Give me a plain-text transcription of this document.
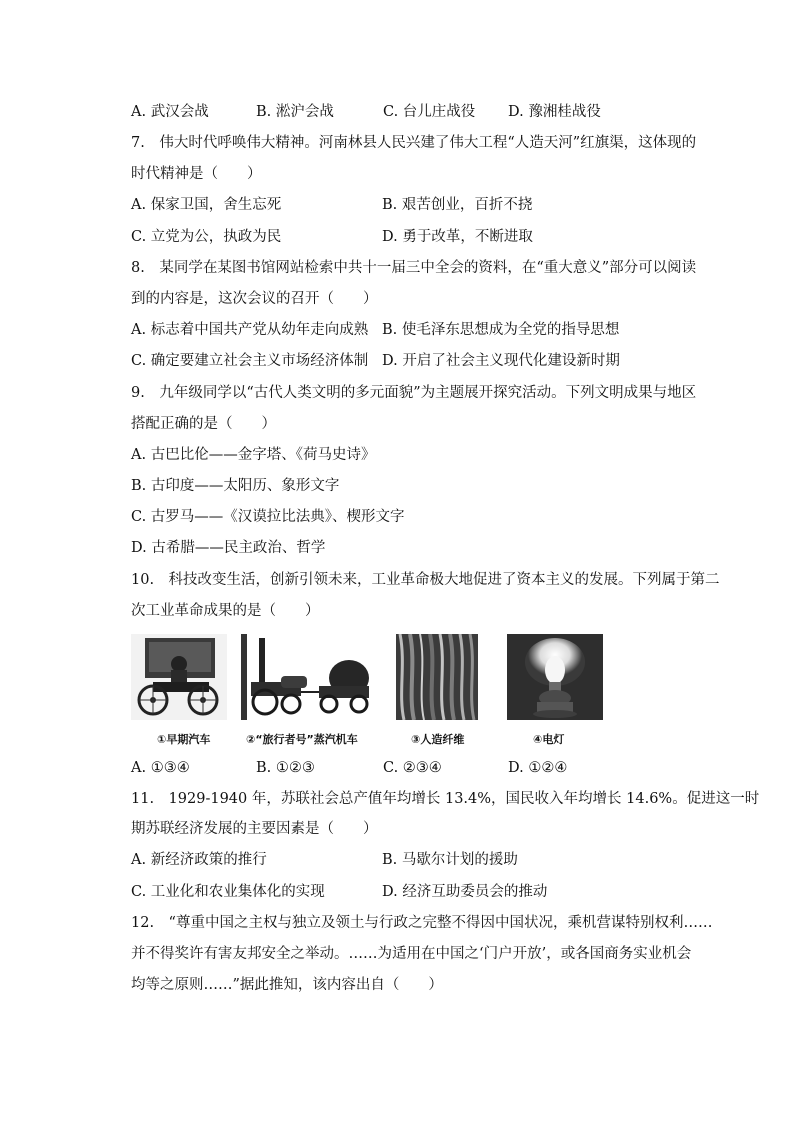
A. 武汉会战	B. 淞沪会战	C. 台儿庄战役 D. 豫湘桂战役
7.　伟大时代呼唤伟大精神。河南林县人民兴建了伟大工程“人造天河”红旗渠，这体现的
时代精神是（　　）
A. 保家卫国，舍生忘死	B. 艰苦创业，百折不挠
C. 立党为公，执政为民	D. 勇于改革，不断进取
8.　某同学在某图书馆网站检索中共十一届三中全会的资料，在“重大意义”部分可以阅读
到的内容是，这次会议的召开（　　）
A. 标志着中国共产党从幼年走向成熟 B. 使毛泽东思想成为全党的指导思想
C. 确定要建立社会主义市场经济体制 D. 开启了社会主义现代化建设新时期
9.　九年级同学以“古代人类文明的多元面貌”为主题展开探究活动。下列文明成果与地区
搭配正确的是（　　）
A. 古巴比伦——金字塔、《荷马史诗》
B. 古印度——太阳历、象形文字
C. 古罗马——《汉谟拉比法典》、楔形文字
D. 古希腊——民主政治、哲学
10.　科技改变生活，创新引领未来，工业革命极大地促进了资本主义的发展。下列属于第二
次工业革命成果的是（　　）
①早期汽车	②“旅行者号”蒸汽机车	③人造纤维	④电灯
A. ①③④	B. ①②③	C. ②③④	D. ①②④
11.　1929-1940 年，苏联社会总产值年均增长 13.4%，国民收入年均增长 14.6%。促进这一时
期苏联经济发展的主要因素是（　　）
A. 新经济政策的推行	B. 马歇尔计划的援助
C. 工业化和农业集体化的实现	D. 经济互助委员会的推动
12.　“尊重中国之主权与独立及领土与行政之完整不得因中国状况，乘机营谋特别权利……
并不得奖许有害友邦安全之举动。……为适用在中国之‘门户开放’，或各国商务实业机会
均等之原则……”据此推知，该内容出自（　　）
